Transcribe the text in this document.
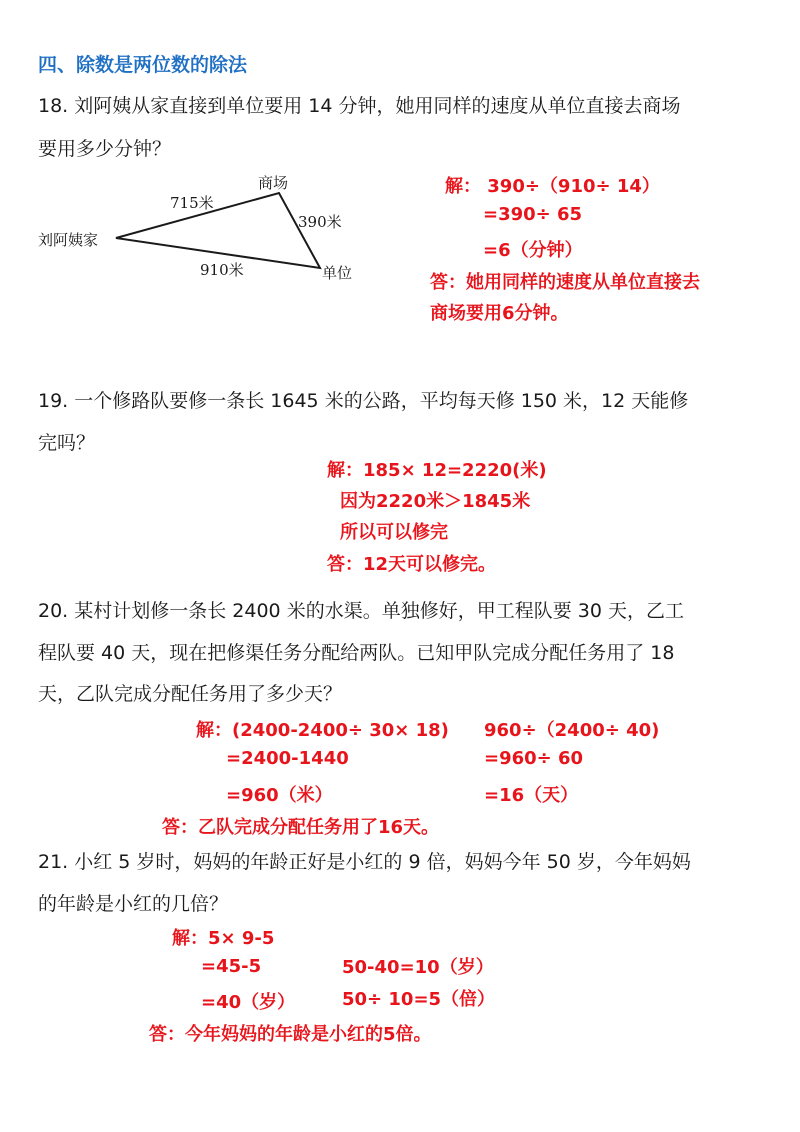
四、除数是两位数的除法
18. 刘阿姨从家直接到单位要用 14 分钟，她用同样的速度从单位直接去商场
要用多少分钟？
商场
刘阿姨家
单位
715米
390米
910米
解： 390÷（910÷ 14）
=390÷ 65
=6（分钟）
答：她用同样的速度从单位直接去
商场要用6分钟。
19. 一个修路队要修一条长 1645 米的公路，平均每天修 150 米，12 天能修
完吗？
解：185× 12=2220(米)
因为2220米＞1845米
所以可以修完
答：12天可以修完。
20. 某村计划修一条长 2400 米的水渠。单独修好，甲工程队要 30 天，乙工
程队要 40 天，现在把修渠任务分配给两队。已知甲队完成分配任务用了 18
天，乙队完成分配任务用了多少天？
解：(2400-2400÷ 30× 18)
=2400-1440
=960（米）
960÷（2400÷ 40)
=960÷ 60
=16（天）
答：乙队完成分配任务用了16天。
21. 小红 5 岁时，妈妈的年龄正好是小红的 9 倍，妈妈今年 50 岁，今年妈妈
的年龄是小红的几倍？
解：5× 9-5
=45-5
=40（岁）
50-40=10（岁）
50÷ 10=5（倍）
答：今年妈妈的年龄是小红的5倍。
